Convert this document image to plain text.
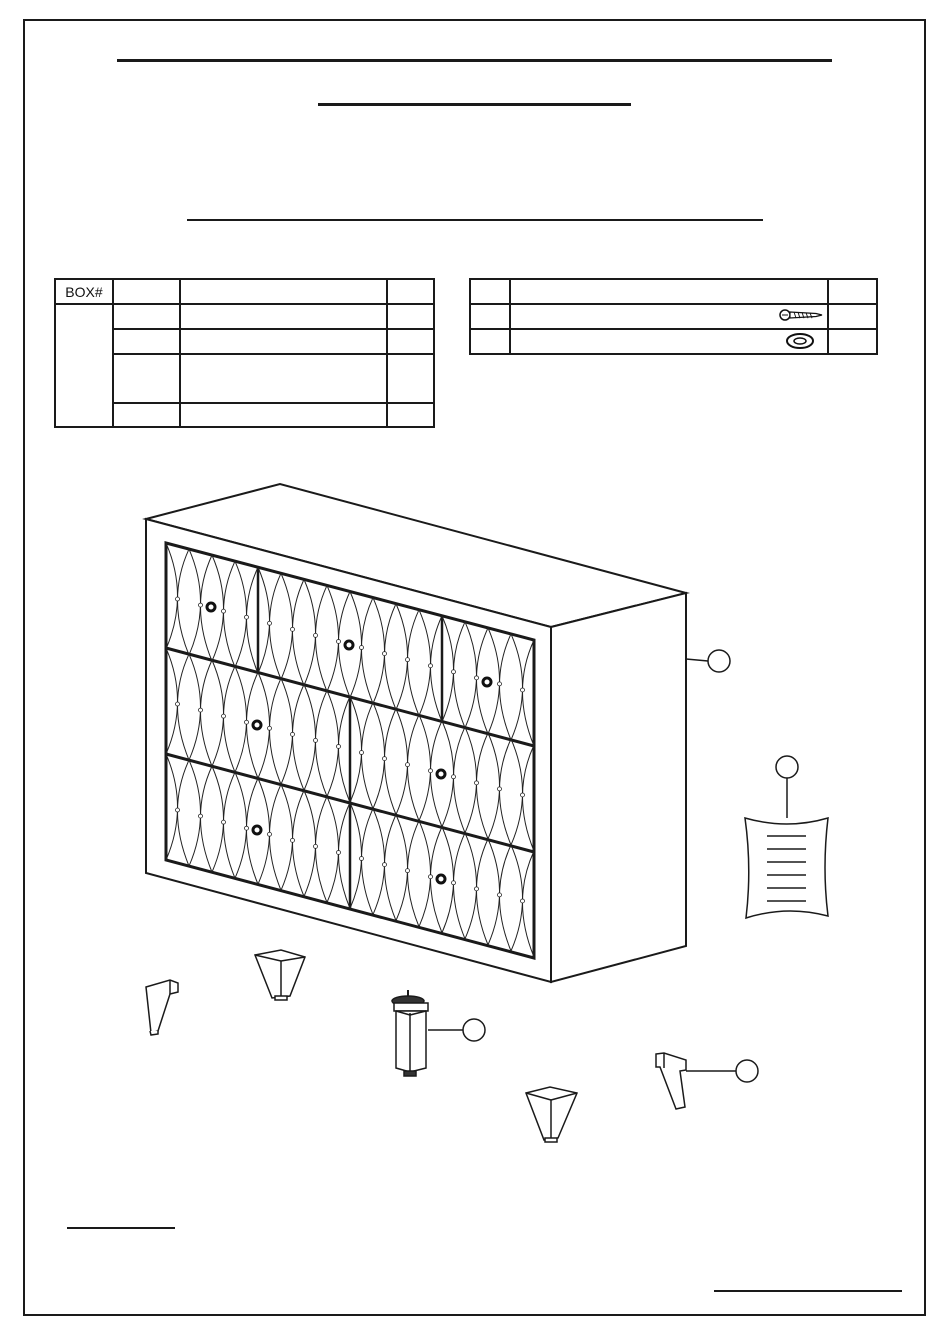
BOX#			
